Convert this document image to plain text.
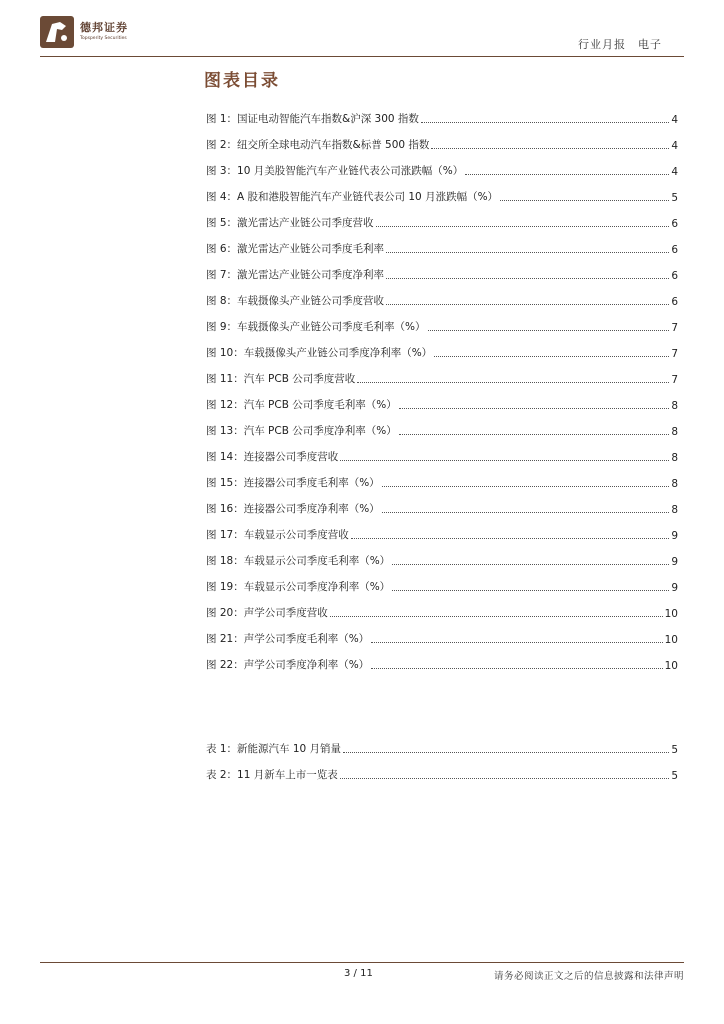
德邦证券
Topsperity Securities	行业月报　电子
图表目录
图 1：国证电动智能汽车指数&沪深 300 指数	4
图 2：纽交所全球电动汽车指数&标普 500 指数	4
图 3：10 月美股智能汽车产业链代表公司涨跌幅（%）	4
图 4：A 股和港股智能汽车产业链代表公司 10 月涨跌幅（%）	5
图 5：激光雷达产业链公司季度营收	6
图 6：激光雷达产业链公司季度毛利率	6
图 7：激光雷达产业链公司季度净利率	6
图 8：车载摄像头产业链公司季度营收	6
图 9：车载摄像头产业链公司季度毛利率（%）	7
图 10：车载摄像头产业链公司季度净利率（%）	7
图 11：汽车 PCB 公司季度营收	7
图 12：汽车 PCB 公司季度毛利率（%）	8
图 13：汽车 PCB 公司季度净利率（%）	8
图 14：连接器公司季度营收	8
图 15：连接器公司季度毛利率（%）	8
图 16：连接器公司季度净利率（%）	8
图 17：车载显示公司季度营收	9
图 18：车载显示公司季度毛利率（%）	9
图 19：车载显示公司季度净利率（%）	9
图 20：声学公司季度营收	10
图 21：声学公司季度毛利率（%）	10
图 22：声学公司季度净利率（%）	10
表 1：新能源汽车 10 月销量	5
表 2：11 月新车上市一览表	5
3 / 11	请务必阅读正文之后的信息披露和法律声明
